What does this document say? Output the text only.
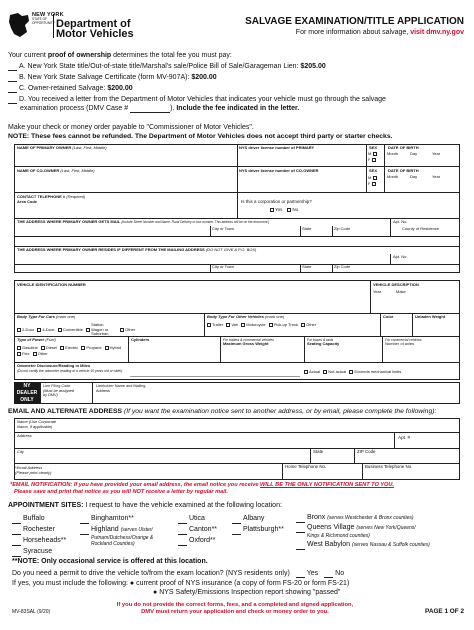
NEW YORK
STATE OF OPPORTUNITY Department of
Motor Vehicles
SALVAGE EXAMINATION/TITLE APPLICATION
For more information about salvage, visit dmv.ny.gov
Your current proof of ownership determines the total fee you must pay:
A. New York State title/Out-of-state title/Marshal's sale/Police Bill of Sale/Garageman Lien: $205.00
B. New York State Salvage Certificate (form MV-907A): $200.00
C. Owner-retained Salvage: $200.00
D. You received a letter from the Department of Motor Vehicles that indicates your vehicle must go through the salvage
examination process (DMV Case #	). Include the fee indicated in the letter.
Make your check or money order payable to "Commissioner of Motor Vehicles".
NOTE: These fees cannot be refunded. The Department of Motor Vehicles does not accept third party or starter checks.
NAME OF PRIMARY OWNER (Last, First, Middle)	NYS driver license number of PRIMARY	SEX
M
F
DATE OF BIRTH
Month	Day	Year
NAME OF CO-OWNER (Last, First, Middle)	NYS driver license number of CO-OWNER	SEX
M
F
DATE OF BIRTH
Month	Day	Year
CONTACT TELEPHONE # (Required)
Area Code	Is this a corporation or partnership?
Yes No
THE ADDRESS WHERE PRIMARY OWNER GETS MAIL (Include Street Number and Name. Rural Delivery or box number. This address will be on the document.)	Apt. No.
City or Town	State	Zip Code	County of Residence
THE ADDRESS WHERE PRIMARY OWNER RESIDES IF DIFFERENT FROM THE MAILING ADDRESS (DO NOT GIVE A P.O. BOX)
Apt. No.
City or Town	State	Zip Code
VEHICLE IDENTIFICATION NUMBER	VEHICLE DESCRIPTION
Year	Make
Body Type For Cars (mark one)
2-Door 4-Door Convertible Station Wagon or Suburban Other
Body Type For Other Vehicles (mark one)
Trailer Van Motorcycle Pick-up Truck Other
Color	Unladen Weight
Type of Power (Fuel)
Gasoline Diesel Electric Propane Hybrid Flex Other
Cylinders	For trailers & commercial vehicles
Maximum Gross Weight
For buses & taxis
Seating Capacity
For commercial vehicles
Number of axles
Odometer Disclosure/Reading in Miles
(Do not certify the odometer reading of a vehicle 10 years old or older)	Actual Not actual Exceeds mechanical limits
NY
DEALER
ONLY
Lien Filing Code
(Must be assigned
by DMV)
Lienholder Name and Mailing Address
EMAIL AND ALTERNATE ADDRESS (If you want the examination notice sent to another address, or by email, please complete the following):
Name (Use Corporate
Name, if applicable)
Address	Apt. #
City	State	ZIP Code
*Email Address
(Please print clearly)
Home Telephone No.	Business Telephone No.
*EMAIL NOTIFICATION: If you have provided your email address, the email notice you receive WILL BE THE ONLY NOTIFICATION SENT TO YOU.
Please save and print that notice as you will NOT receive a letter by regular mail.
APPOINTMENT SITES: I request to have the vehicle examined at the following location:
Buffalo
Rochester
Horseheads**
Syracuse
Binghamton**
Highland (serves Ulster/
Putnam/Dutchess/Orange &
Rockland Counties)
Utica
Canton**
Oxford**
Albany
Plattsburgh**
Bronx (serves Westchester & Bronx counties)
Queens Village (serves New York/Queens/
Kings & Richmond counties)
West Babylon (serves Nassau & Suffolk counties)
**NOTE: Only occasional service is offered at this location.
Do you need a permit to drive the vehicle to/from the exam location? (NYS residents only) Yes No
If yes, you must include the following: ● current proof of NYS insurance (a copy of form FS-20 or form FS-21)
● NYS Safety/Emissions Inspection report showing "passed"
MV-83SAL (9/20)
If you do not provide the correct forms, fees, and a completed and signed application,
DMV must return your application and check or money order to you.	PAGE 1 OF 2
